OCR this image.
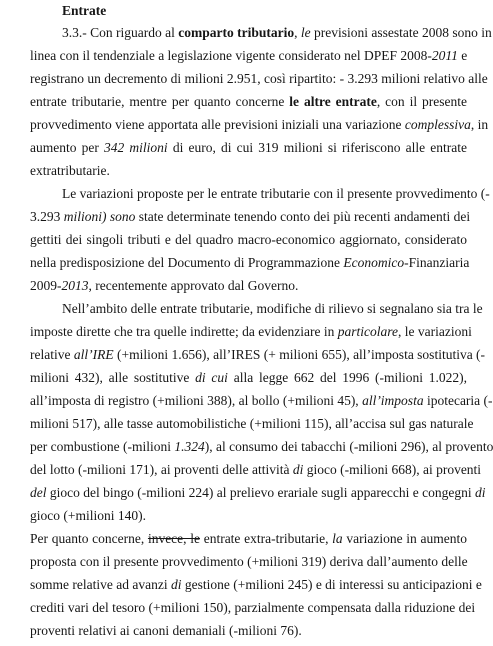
Entrate
3.3.- Con riguardo al comparto tributario, le previsioni assestate 2008 sono in
linea con il tendenziale a legislazione vigente considerato nel DPEF 2008-2011 e
registrano un decremento di milioni 2.951, così ripartito: - 3.293 milioni relativo alle
entrate tributarie, mentre per quanto concerne le altre entrate, con il presente
provvedimento viene apportata alle previsioni iniziali una variazione complessiva, in
aumento per 342 milioni di euro, di cui 319 milioni si riferiscono alle entrate
extratributarie.
Le variazioni proposte per le entrate tributarie con il presente provvedimento (-
3.293 milioni) sono state determinate tenendo conto dei più recenti andamenti dei
gettiti dei singoli tributi e del quadro macro-economico aggiornato, considerato
nella predisposizione del Documento di Programmazione Economico-Finanziaria
2009-2013, recentemente approvato dal Governo.
Nell’ambito delle entrate tributarie, modifiche di rilievo si segnalano sia tra le
imposte dirette che tra quelle indirette; da evidenziare in particolare, le variazioni
relative all’IRE (+milioni 1.656), all’IRES (+ milioni 655), all’imposta sostitutiva (-
milioni 432), alle sostitutive di cui alla legge 662 del 1996 (-milioni 1.022),
all’imposta di registro (+milioni 388), al bollo (+milioni 45), all’imposta ipotecaria (-
milioni 517), alle tasse automobilistiche (+milioni 115), all’accisa sul gas naturale
per combustione (-milioni 1.324), al consumo dei tabacchi (-milioni 296), al provento
del lotto (-milioni 171), ai proventi delle attività di gioco (-milioni 668), ai proventi
del gioco del bingo (-milioni 224) al prelievo erariale sugli apparecchi e congegni di
gioco (+milioni 140).
Per quanto concerne, invece, le entrate extra-tributarie, la variazione in aumento
proposta con il presente provvedimento (+milioni 319) deriva dall’aumento delle
somme relative ad avanzi di gestione (+milioni 245) e di interessi su anticipazioni e
crediti vari del tesoro (+milioni 150), parzialmente compensata dalla riduzione dei
proventi relativi ai canoni demaniali (-milioni 76).
